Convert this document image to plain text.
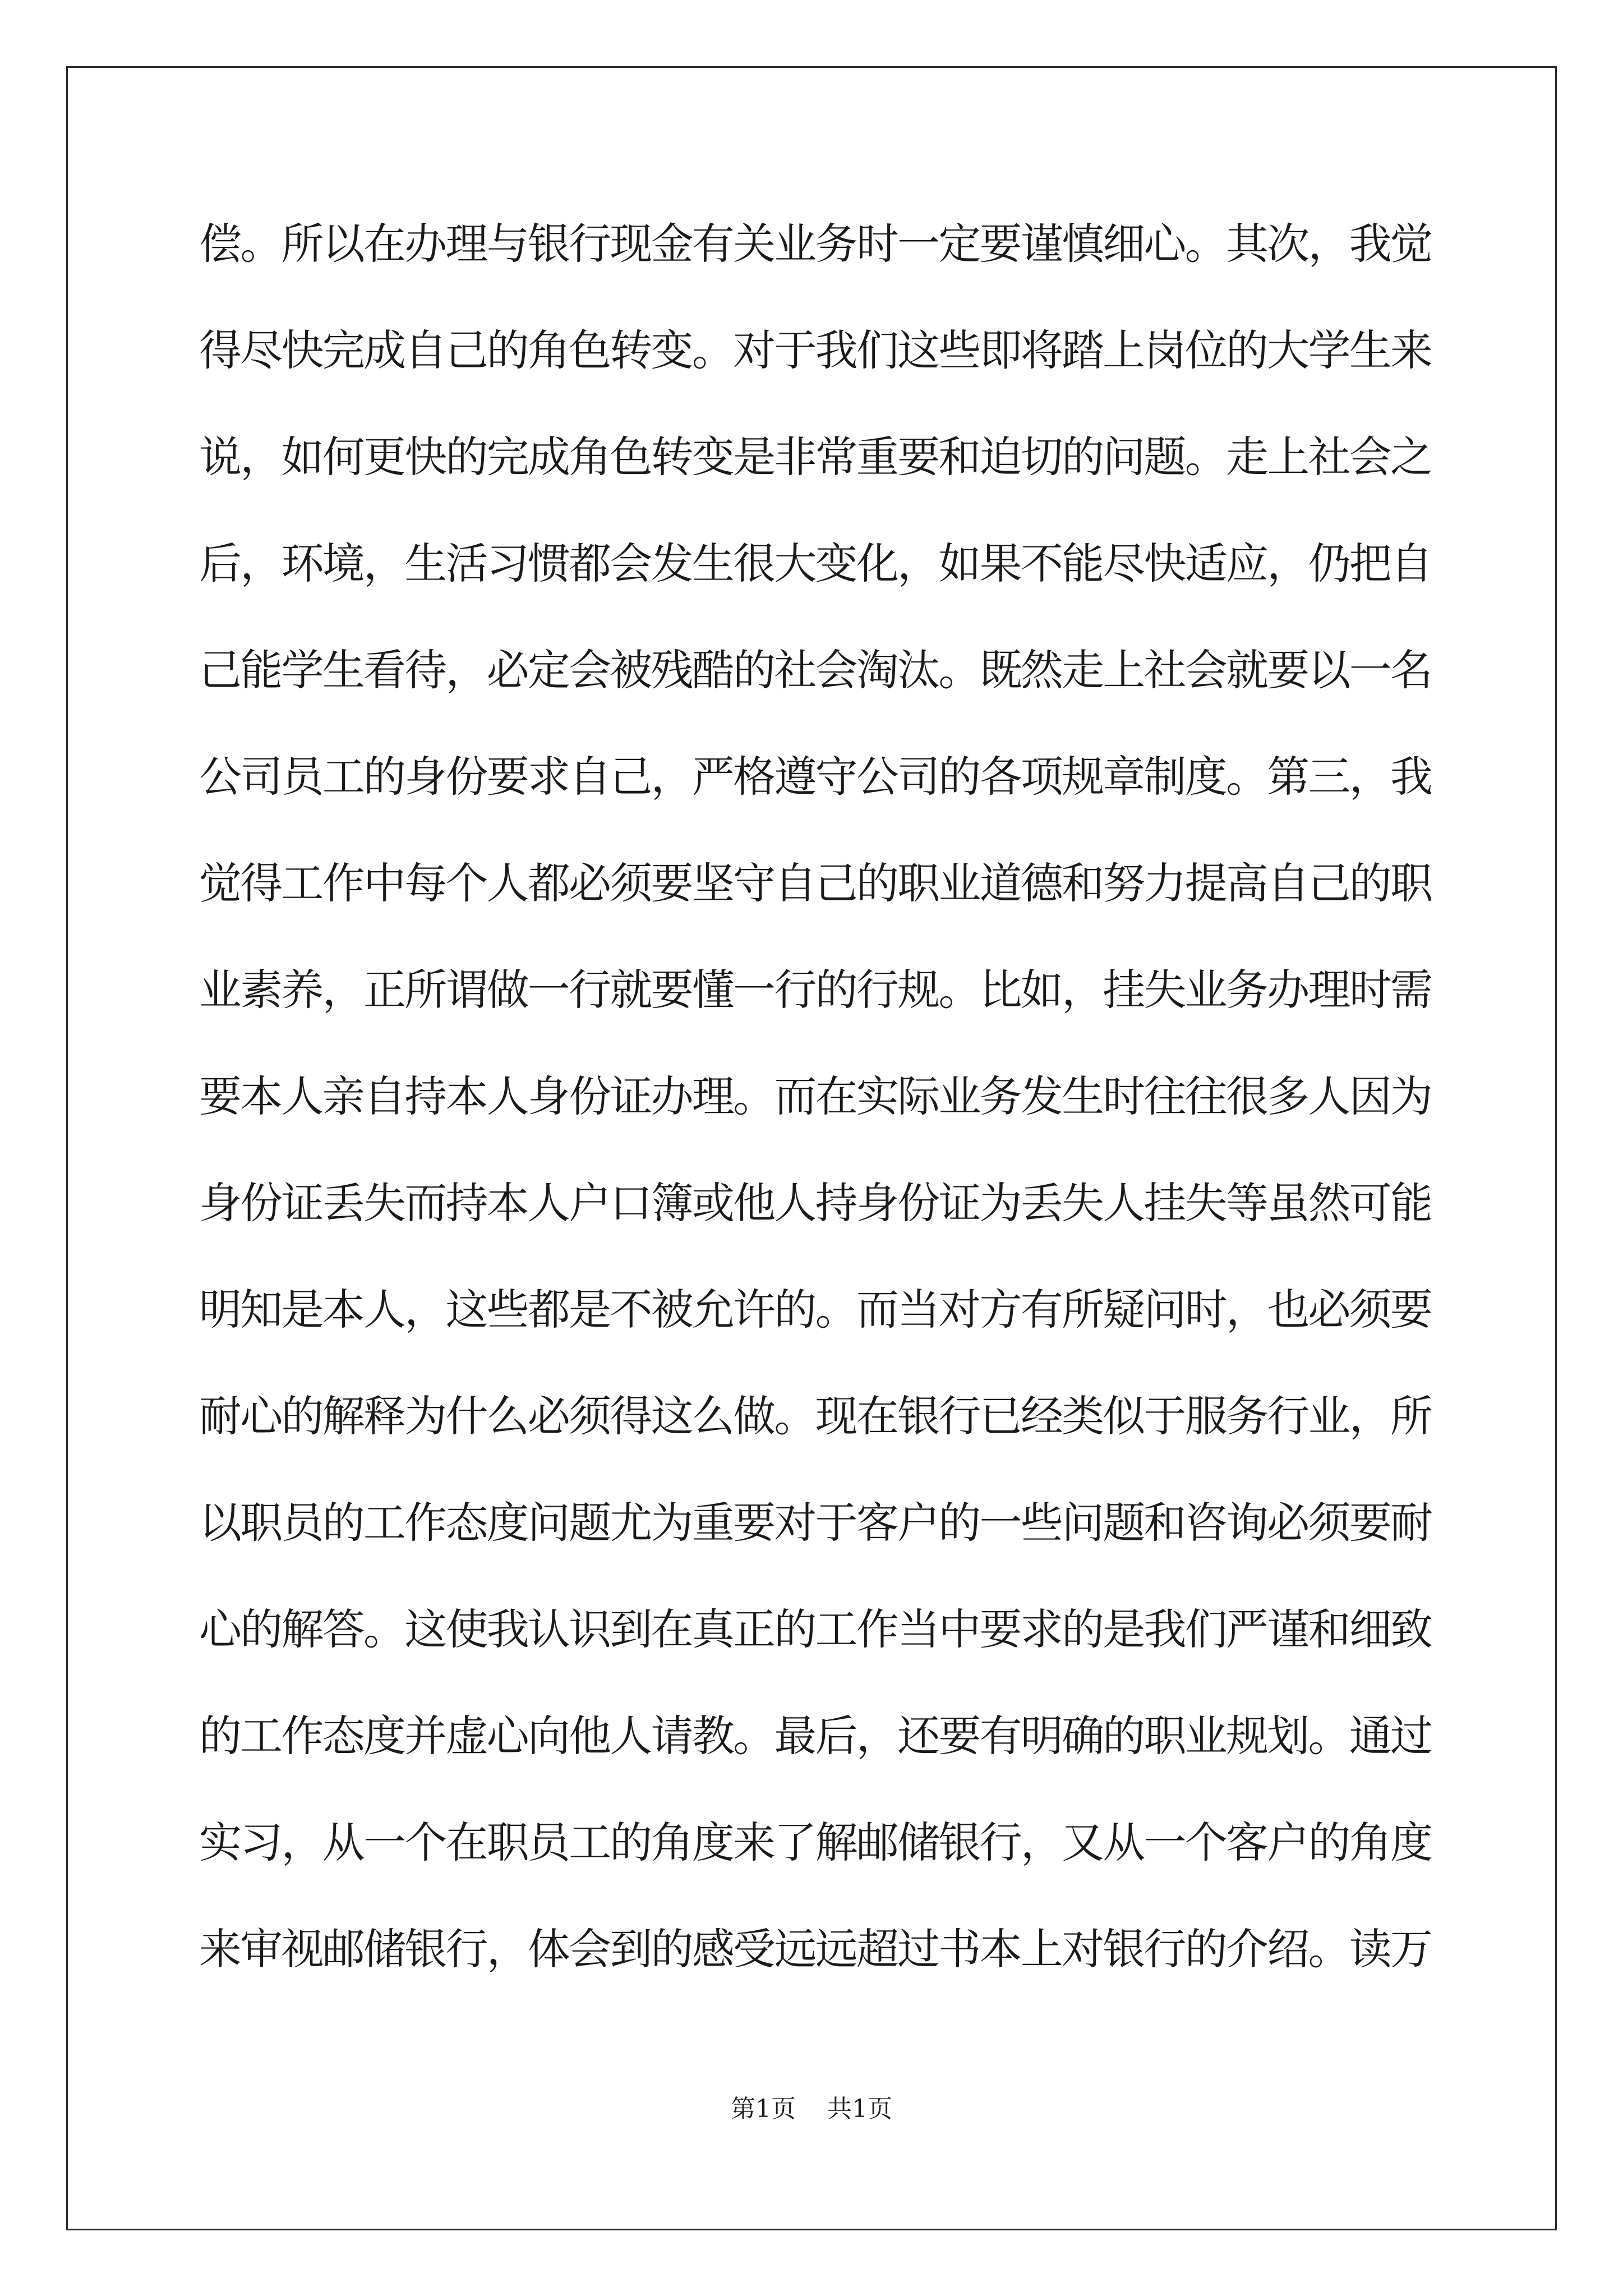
偿。所以在办理与银行现金有关业务时一定要谨慎细心。其次，我觉
得尽快完成自己的角色转变。对于我们这些即将踏上岗位的大学生来
说，如何更快的完成角色转变是非常重要和迫切的问题。走上社会之
后，环境，生活习惯都会发生很大变化，如果不能尽快适应，仍把自
己能学生看待，必定会被残酷的社会淘汰。既然走上社会就要以一名
公司员工的身份要求自己，严格遵守公司的各项规章制度。第三，我
觉得工作中每个人都必须要坚守自己的职业道德和努力提高自己的职
业素养，正所谓做一行就要懂一行的行规。比如，挂失业务办理时需
要本人亲自持本人身份证办理。而在实际业务发生时往往很多人因为
身份证丢失而持本人户口簿或他人持身份证为丢失人挂失等虽然可能
明知是本人，这些都是不被允许的。而当对方有所疑问时，也必须要
耐心的解释为什么必须得这么做。现在银行已经类似于服务行业，所
以职员的工作态度问题尤为重要对于客户的一些问题和咨询必须要耐
心的解答。这使我认识到在真正的工作当中要求的是我们严谨和细致
的工作态度并虚心向他人请教。最后，还要有明确的职业规划。通过
实习，从一个在职员工的角度来了解邮储银行，又从一个客户的角度
来审视邮储银行，体会到的感受远远超过书本上对银行的介绍。读万
第1页 共1页
